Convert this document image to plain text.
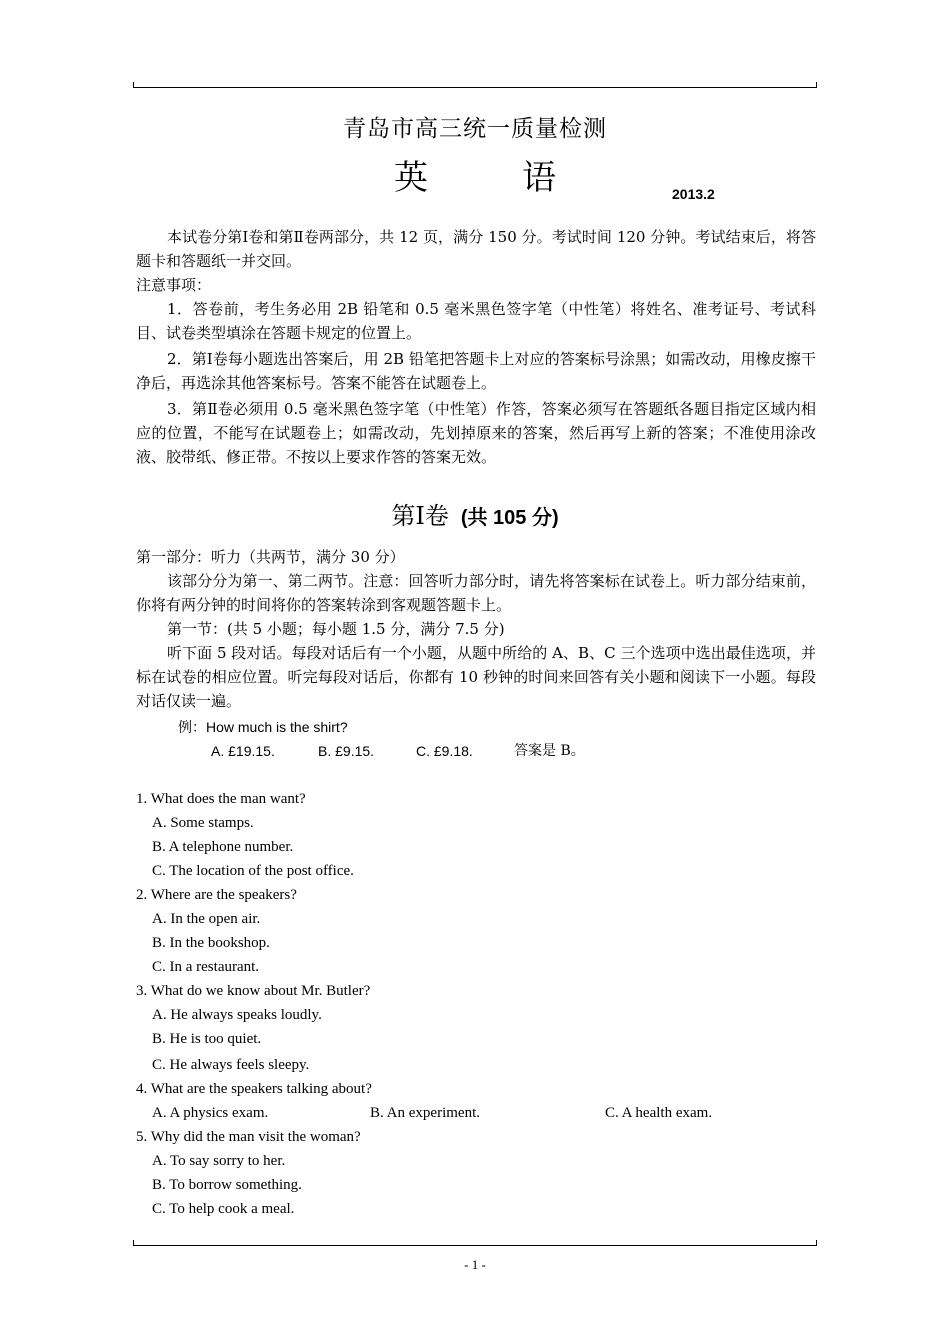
青岛市高三统一质量检测
英　语	2013.2

本试卷分第Ⅰ卷和第Ⅱ卷两部分，共 12 页，满分 150 分。考试时间 120 分钟。考试结束后，将答题卡和答题纸一并交回。

注意事项：

1．答卷前，考生务必用 2B 铅笔和 0.5 毫米黑色签字笔（中性笔）将姓名、准考证号、考试科目、试卷类型填涂在答题卡规定的位置上。

2．第Ⅰ卷每小题选出答案后，用 2B 铅笔把答题卡上对应的答案标号涂黑；如需改动，用橡皮擦干净后，再选涂其他答案标号。答案不能答在试题卷上。

3．第Ⅱ卷必须用 0.5 毫米黑色签字笔（中性笔）作答，答案必须写在答题纸各题目指定区域内相应的位置，不能写在试题卷上；如需改动，先划掉原来的答案，然后再写上新的答案；不准使用涂改液、胶带纸、修正带。不按以上要求作答的答案无效。

第Ⅰ卷 (共 105 分)

第一部分：听力（共两节，满分 30 分）

该部分分为第一、第二两节。注意：回答听力部分时，请先将答案标在试卷上。听力部分结束前，你将有两分钟的时间将你的答案转涂到客观题答题卡上。

第一节：(共 5 小题；每小题 1.5 分，满分 7.5 分)

听下面 5 段对话。每段对话后有一个小题，从题中所给的 A、B、C 三个选项中选出最佳选项，并标在试卷的相应位置。听完每段对话后，你都有 10 秒钟的时间来回答有关小题和阅读下一小题。每段对话仅读一遍。

例：How much is the shirt?

A. £19.15.	B. £9.15.	C. £9.18.	答案是 B。
1. What does the man want?
A. Some stamps.
B. A telephone number.
C. The location of the post office.
2. Where are the speakers?
A. In the open air.
B. In the bookshop.
C. In a restaurant.
3. What do we know about Mr. Butler?
A. He always speaks loudly.
B. He is too quiet.
C. He always feels sleepy.
4. What are the speakers talking about?
A. A physics exam.	B. An experiment.	C. A health exam.
5. Why did the man visit the woman?
A. To say sorry to her.
B. To borrow something.
C. To help cook a meal.
- 1 -
